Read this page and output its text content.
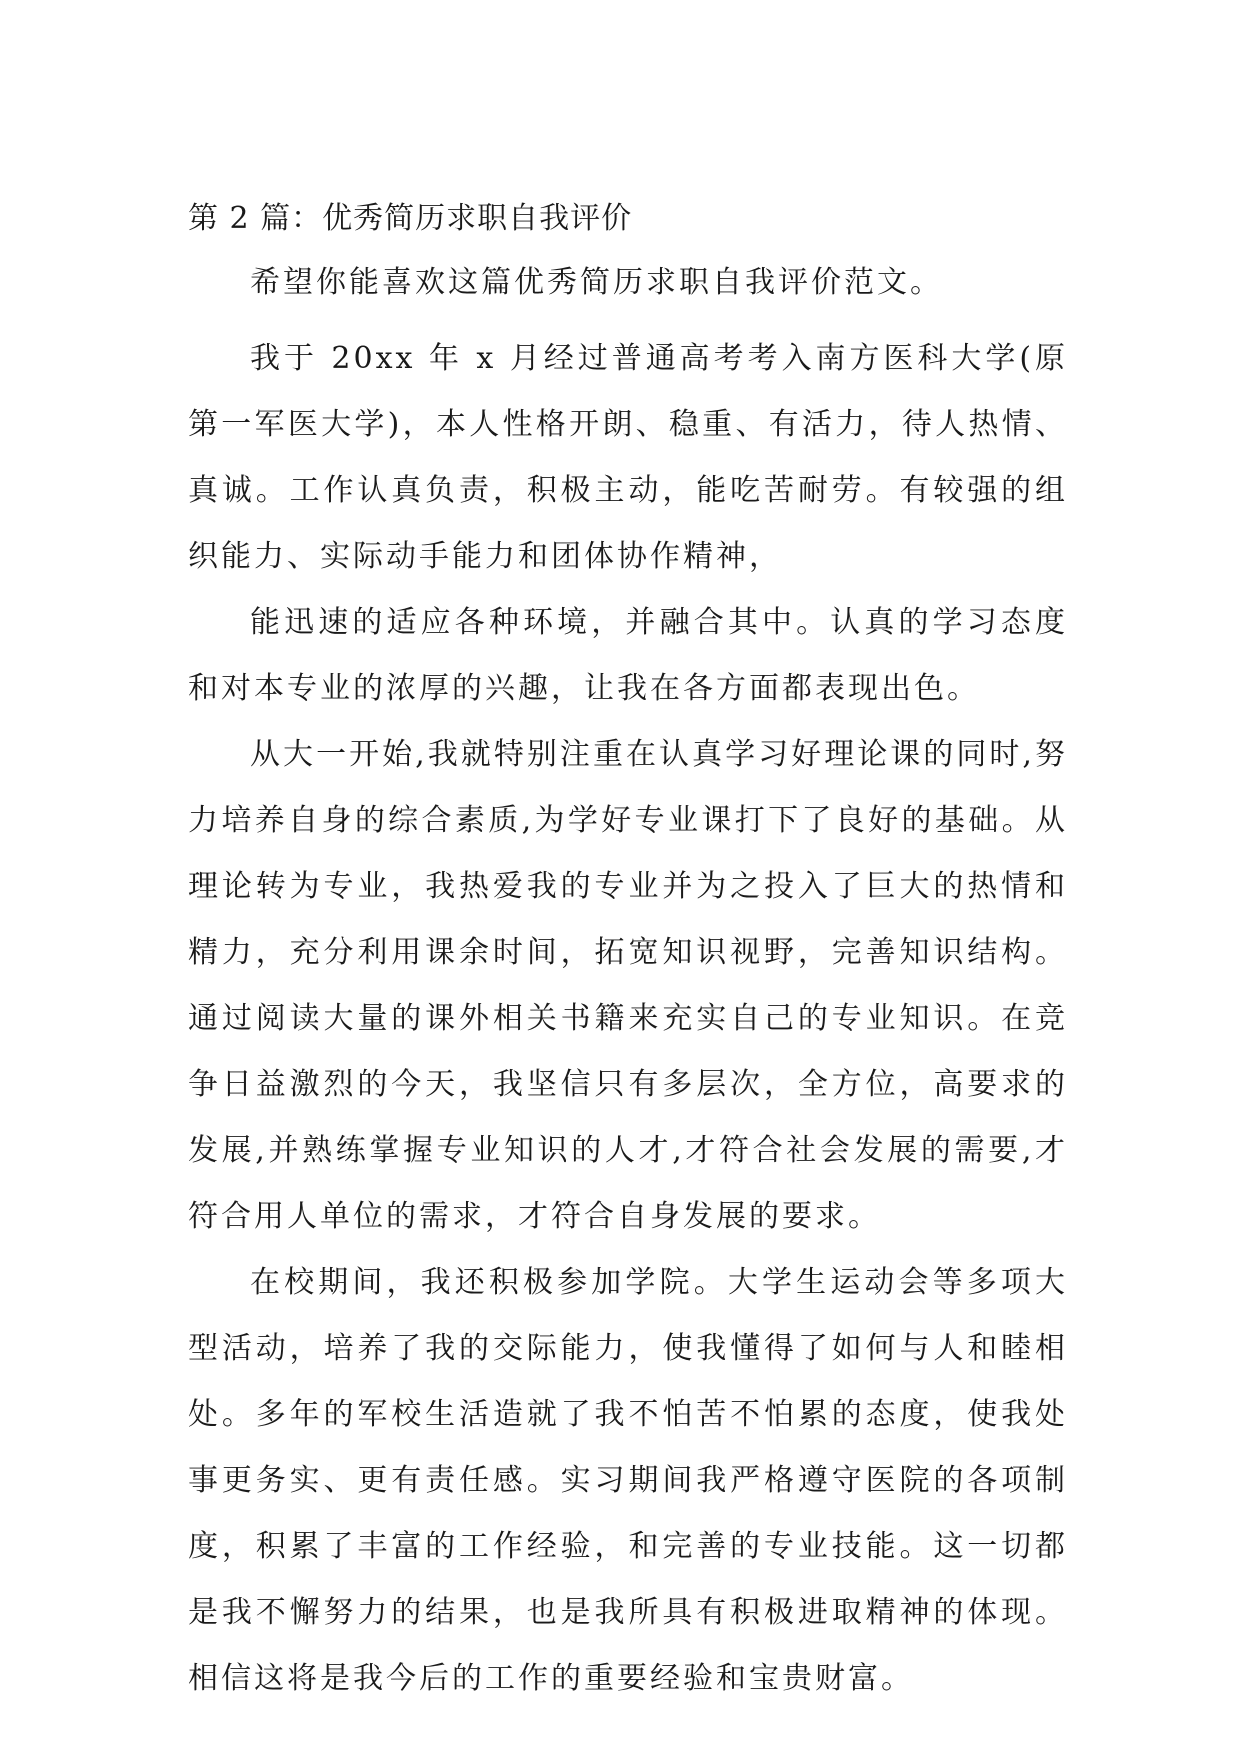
第 2 篇：优秀简历求职自我评价

希望你能喜欢这篇优秀简历求职自我评价范文。

我于 20xx 年 x 月经过普通高考考入南方医科大学(原第一军医大学)，本人性格开朗、稳重、有活力，待人热情、真诚。工作认真负责，积极主动，能吃苦耐劳。有较强的组织能力、实际动手能力和团体协作精神，

能迅速的适应各种环境，并融合其中。认真的学习态度和对本专业的浓厚的兴趣，让我在各方面都表现出色。

从大一开始,我就特别注重在认真学习好理论课的同时,努力培养自身的综合素质,为学好专业课打下了良好的基础。从理论转为专业，我热爱我的专业并为之投入了巨大的热情和精力，充分利用课余时间，拓宽知识视野，完善知识结构。通过阅读大量的课外相关书籍来充实自己的专业知识。在竞争日益激烈的今天，我坚信只有多层次，全方位，高要求的发展,并熟练掌握专业知识的人才,才符合社会发展的需要,才符合用人单位的需求，才符合自身发展的要求。

在校期间，我还积极参加学院。大学生运动会等多项大型活动，培养了我的交际能力，使我懂得了如何与人和睦相处。多年的军校生活造就了我不怕苦不怕累的态度，使我处事更务实、更有责任感。实习期间我严格遵守医院的各项制度，积累了丰富的工作经验，和完善的专业技能。这一切都是我不懈努力的结果，也是我所具有积极进取精神的体现。相信这将是我今后的工作的重要经验和宝贵财富。
